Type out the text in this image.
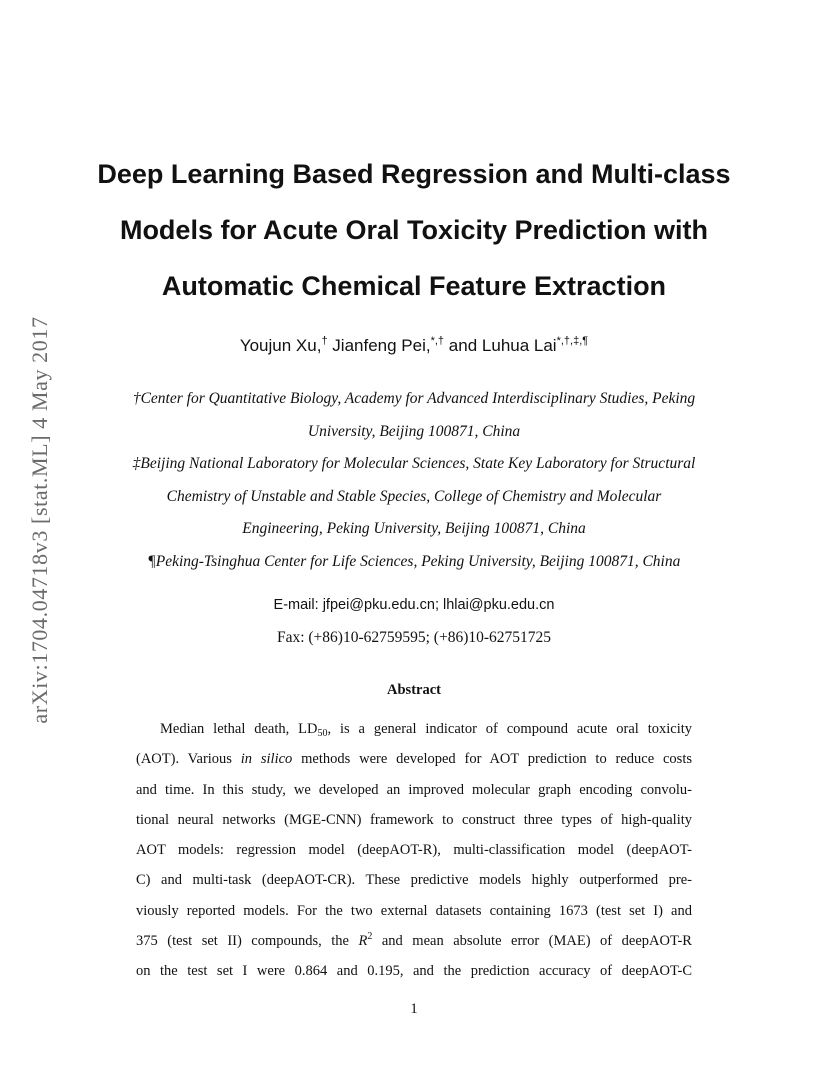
arXiv:1704.04718v3 [stat.ML] 4 May 2017
Deep Learning Based Regression and Multi-class
Models for Acute Oral Toxicity Prediction with
Automatic Chemical Feature Extraction
Youjun Xu,† Jianfeng Pei,*,† and Luhua Lai*,†,‡,¶
†Center for Quantitative Biology, Academy for Advanced Interdisciplinary Studies, Peking
University, Beijing 100871, China
‡Beijing National Laboratory for Molecular Sciences, State Key Laboratory for Structural
Chemistry of Unstable and Stable Species, College of Chemistry and Molecular
Engineering, Peking University, Beijing 100871, China
¶Peking-Tsinghua Center for Life Sciences, Peking University, Beijing 100871, China
E-mail: jfpei@pku.edu.cn; lhlai@pku.edu.cn
Fax: (+86)10-62759595; (+86)10-62751725
Abstract
Median lethal death, $LD_{50}$, is a general indicator of compound acute oral toxicity
(AOT). Various in silico methods were developed for AOT prediction to reduce costs
and time. In this study, we developed an improved molecular graph encoding convolu-
tional neural networks (MGE-CNN) framework to construct three types of high-quality
AOT models: regression model (deepAOT-R), multi-classification model (deepAOT-
C) and multi-task (deepAOT-CR). These predictive models highly outperformed pre-
viously reported models. For the two external datasets containing 1673 (test set I) and
375 (test set II) compounds, the $R^2$ and mean absolute error (MAE) of deepAOT-R
on the test set I were 0.864 and 0.195, and the prediction accuracy of deepAOT-C
1
